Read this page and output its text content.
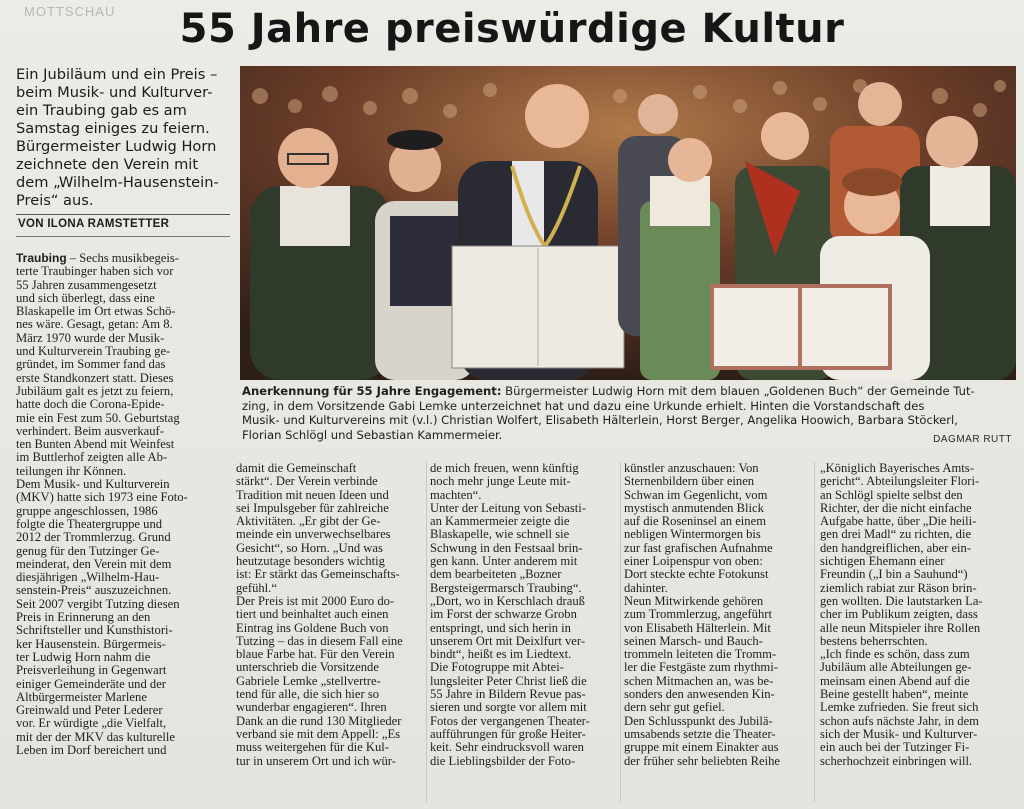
MOTTSCHAU	55 Jahre preiswürdige Kultur
Ein Jubiläum und ein Preis –
beim Musik- und Kulturver-
ein Traubing gab es am
Samstag einiges zu feiern.
Bürgermeister Ludwig Horn
zeichnete den Verein mit
dem „Wilhelm-Hausenstein-
Preis“ aus.
VON ILONA RAMSTETTER
Anerkennung für 55 Jahre Engagement: Bürgermeister Ludwig Horn mit dem blauen „Goldenen Buch“ der Gemeinde Tut-
zing, in dem Vorsitzende Gabi Lemke unterzeichnet hat und dazu eine Urkunde erhielt. Hinten die Vorstandschaft des
Musik- und Kulturvereins mit (v.l.) Christian Wolfert, Elisabeth Hälterlein, Horst Berger, Angelika Hoowich, Barbara Stöckerl,
Florian Schlögl und Sebastian Kammermeier.	DAGMAR RUTT
Traubing – Sechs musikbegeis-
terte Traubinger haben sich vor
55 Jahren zusammengesetzt
und sich überlegt, dass eine
Blaskapelle im Ort etwas Schö-
nes wäre. Gesagt, getan: Am 8.
März 1970 wurde der Musik-
und Kulturverein Traubing ge-
gründet, im Sommer fand das
erste Standkonzert statt. Dieses
Jubiläum galt es jetzt zu feiern,
hatte doch die Corona-Epide-
mie ein Fest zum 50. Geburtstag
verhindert. Beim ausverkauf-
ten Bunten Abend mit Weinfest
im Buttlerhof zeigten alle Ab-
teilungen ihr Können.
Dem Musik- und Kulturverein
(MKV) hatte sich 1973 eine Foto-
gruppe angeschlossen, 1986
folgte die Theatergruppe und
2012 der Trommlerzug. Grund
genug für den Tutzinger Ge-
meinderat, den Verein mit dem
diesjährigen „Wilhelm-Hau-
senstein-Preis“ auszuzeichnen.
Seit 2007 vergibt Tutzing diesen
Preis in Erinnerung an den
Schriftsteller und Kunsthistori-
ker Hausenstein. Bürgermeis-
ter Ludwig Horn nahm die
Preisverleihung in Gegenwart
einiger Gemeinderäte und der
Altbürgermeister Marlene
Greinwald und Peter Lederer
vor. Er würdigte „die Vielfalt,
mit der der MKV das kulturelle
Leben im Dorf bereichert und
damit die Gemeinschaft
stärkt“. Der Verein verbinde
Tradition mit neuen Ideen und
sei Impulsgeber für zahlreiche
Aktivitäten. „Er gibt der Ge-
meinde ein unverwechselbares
Gesicht“, so Horn. „Und was
heutzutage besonders wichtig
ist: Er stärkt das Gemeinschafts-
gefühl.“
Der Preis ist mit 2000 Euro do-
tiert und beinhaltet auch einen
Eintrag ins Goldene Buch von
Tutzing – das in diesem Fall eine
blaue Farbe hat. Für den Verein
unterschrieb die Vorsitzende
Gabriele Lemke „stellvertre-
tend für alle, die sich hier so
wunderbar engagieren“. Ihren
Dank an die rund 130 Mitglieder
verband sie mit dem Appell: „Es
muss weitergehen für die Kul-
tur in unserem Ort und ich wür-
de mich freuen, wenn künftig
noch mehr junge Leute mit-
machten“.
Unter der Leitung von Sebasti-
an Kammermeier zeigte die
Blaskapelle, wie schnell sie
Schwung in den Festsaal brin-
gen kann. Unter anderem mit
dem bearbeiteten „Bozner
Bergsteigermarsch Traubing“.
„Dort, wo in Kerschlach drauß
im Forst der schwarze Grobn
entspringt, und sich herin in
unserem Ort mit Deixlfurt ver-
bindt“, heißt es im Liedtext.
Die Fotogruppe mit Abtei-
lungsleiter Peter Christ ließ die
55 Jahre in Bildern Revue pas-
sieren und sorgte vor allem mit
Fotos der vergangenen Theater-
aufführungen für große Heiter-
keit. Sehr eindrucksvoll waren
die Lieblingsbilder der Foto-
künstler anzuschauen: Von
Sternenbildern über einen
Schwan im Gegenlicht, vom
mystisch anmutenden Blick
auf die Roseninsel an einem
nebligen Wintermorgen bis
zur fast grafischen Aufnahme
einer Loipenspur von oben:
Dort steckte echte Fotokunst
dahinter.
Neun Mitwirkende gehören
zum Trommlerzug, angeführt
von Elisabeth Hälterlein. Mit
seinen Marsch- und Bauch-
trommeln leiteten die Tromm-
ler die Festgäste zum rhythmi-
schen Mitmachen an, was be-
sonders den anwesenden Kin-
dern sehr gut gefiel.
Den Schlusspunkt des Jubilä-
umsabends setzte die Theater-
gruppe mit einem Einakter aus
der früher sehr beliebten Reihe
„Königlich Bayerisches Amts-
gericht“. Abteilungsleiter Flori-
an Schlögl spielte selbst den
Richter, der die nicht einfache
Aufgabe hatte, über „Die heili-
gen drei Madl“ zu richten, die
den handgreiflichen, aber ein-
sichtigen Ehemann einer
Freundin („I bin a Sauhund“)
ziemlich rabiat zur Räson brin-
gen wollten. Die lautstarken La-
cher im Publikum zeigten, dass
alle neun Mitspieler ihre Rollen
bestens beherrschten.
„Ich finde es schön, dass zum
Jubiläum alle Abteilungen ge-
meinsam einen Abend auf die
Beine gestellt haben“, meinte
Lemke zufrieden. Sie freut sich
schon aufs nächste Jahr, in dem
sich der Musik- und Kulturver-
ein auch bei der Tutzinger Fi-
scherhochzeit einbringen will.
